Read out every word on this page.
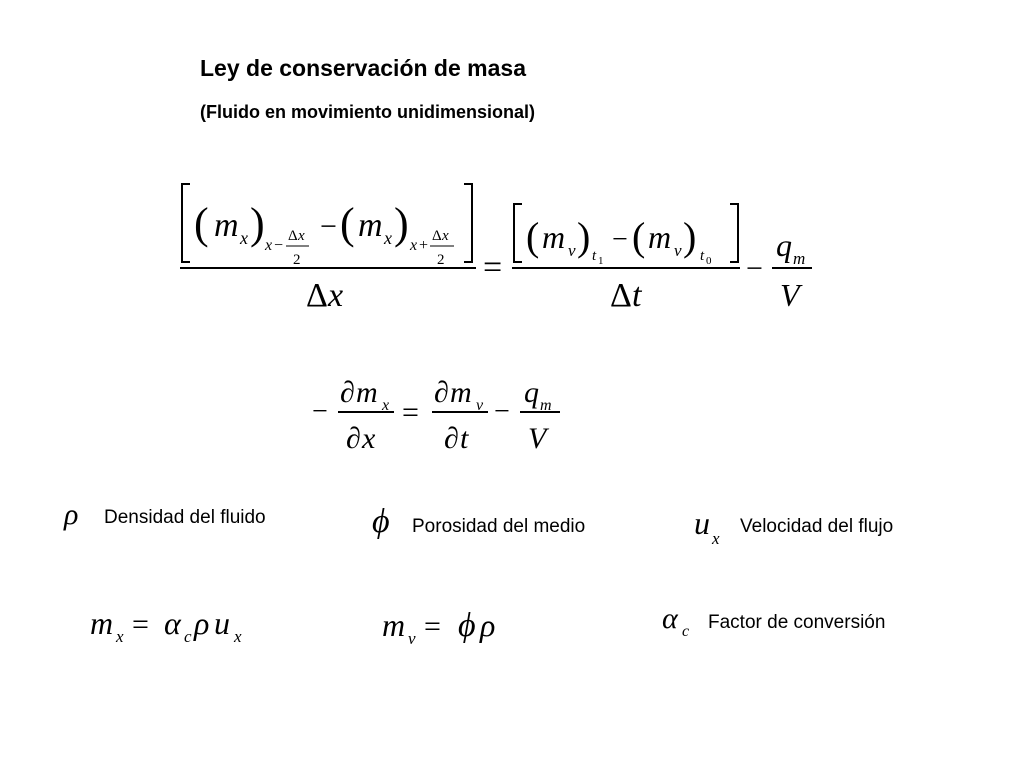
Ley de conservación de masa
(Fluido en movimiento unidimensional)
( m x ) x −
Δ x
2
− ( m x ) x +
Δ x
2
Δ x
=
( m v ) t 1
− ( m v ) t 0
Δ t
−
q m
V
−
∂ m x
∂ x
=
∂ m v
∂ t
−
q m
V
ρ Densidad del fluido	ϕ Porosidad del medio	u x
Velocidad del flujo
m x = α c ρ u x	m v = ϕ ρ	α c Factor de conversión
